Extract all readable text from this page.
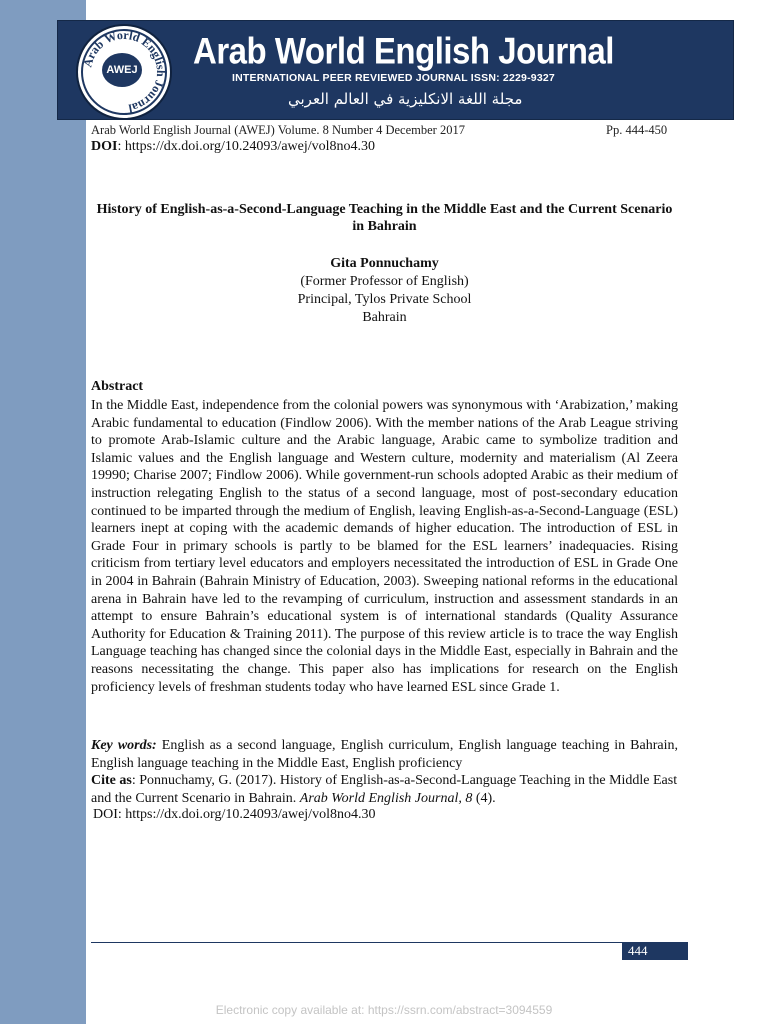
Arab World English Journal
AWEJ Arab World English Journal
INTERNATIONAL PEER REVIEWED JOURNAL ISSN: 2229-9327
مجلة اللغة الانكليزية في العالم العربي
Arab World English Journal (AWEJ) Volume. 8 Number 4 December 2017	Pp. 444-450
DOI: https://dx.doi.org/10.24093/awej/vol8no4.30
History of English-as-a-Second-Language Teaching in the Middle East and the Current Scenario in Bahrain
Gita Ponnuchamy
(Former Professor of English)
Principal, Tylos Private School
Bahrain
Abstract
In the Middle East, independence from the colonial powers was synonymous with ‘Arabization,’ making Arabic fundamental to education (Findlow 2006). With the member nations of the Arab League striving to promote Arab-Islamic culture and the Arabic language, Arabic came to symbolize tradition and Islamic values and the English language and Western culture, modernity and materialism (Al Zeera 19990; Charise 2007; Findlow 2006). While government-run schools adopted Arabic as their medium of instruction relegating English to the status of a second language, most of post-secondary education continued to be imparted through the medium of English, leaving English-as-a-Second-Language (ESL) learners inept at coping with the academic demands of higher education. The introduction of ESL in Grade Four in primary schools is partly to be blamed for the ESL learners’ inadequacies. Rising criticism from tertiary level educators and employers necessitated the introduction of ESL in Grade One in 2004 in Bahrain (Bahrain Ministry of Education, 2003). Sweeping national reforms in the educational arena in Bahrain have led to the revamping of curriculum, instruction and assessment standards in an attempt to ensure Bahrain’s educational system is of international standards (Quality Assurance Authority for Education & Training 2011). The purpose of this review article is to trace the way English Language teaching has changed since the colonial days in the Middle East, especially in Bahrain and the reasons necessitating the change. This paper also has implications for research on the English proficiency levels of freshman students today who have learned ESL since Grade 1.
Key words: English as a second language, English curriculum, English language teaching in Bahrain, English language teaching in the Middle East, English proficiency
Cite as: Ponnuchamy, G. (2017). History of English-as-a-Second-Language Teaching in the Middle East and the Current Scenario in Bahrain. Arab World English Journal, 8 (4).
DOI: https://dx.doi.org/10.24093/awej/vol8no4.30
444
Electronic copy available at: https://ssrn.com/abstract=3094559
